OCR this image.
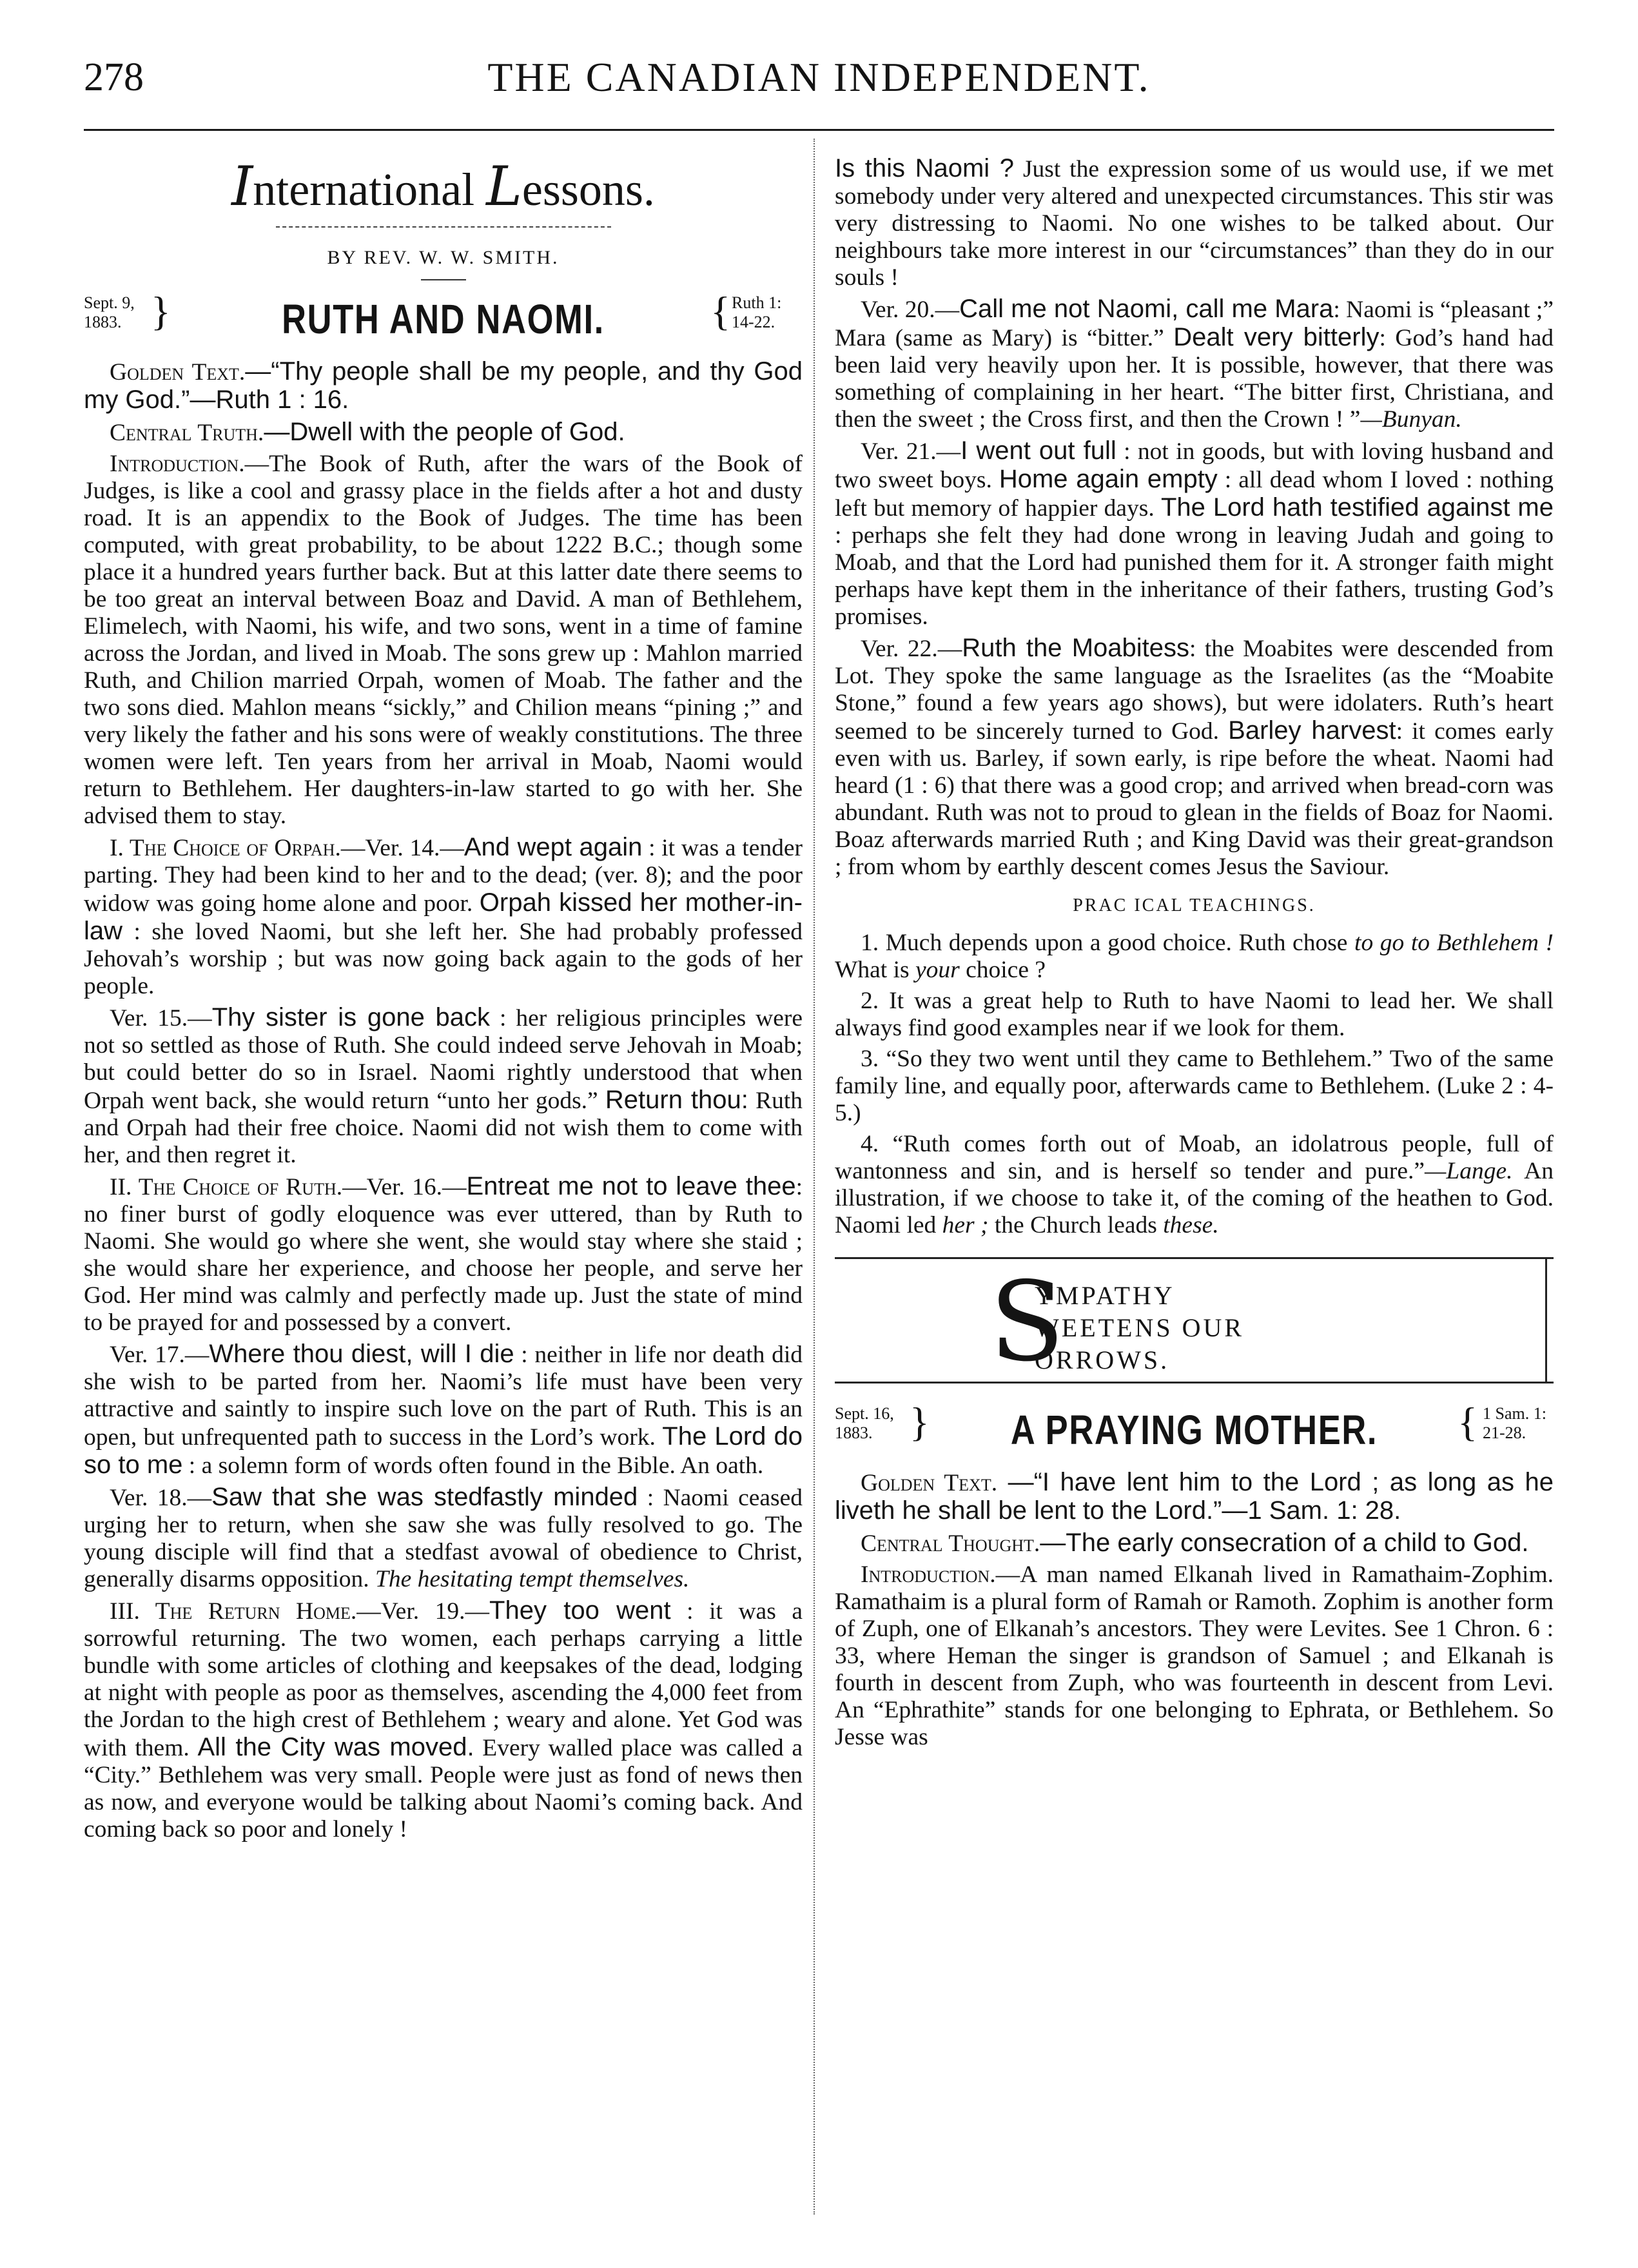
278	THE CANADIAN INDEPENDENT.
International Lessons.
BY REV. W. W. SMITH.
Sept. 9,
1883. }	RUTH AND NAOMI.	{ Ruth 1:
14-22.

Golden Text.—“Thy people shall be my people, and thy God my God.”—Ruth 1 : 16.

Central Truth.—Dwell with the people of God.

Introduction.—The Book of Ruth, after the wars of the Book of Judges, is like a cool and grassy place in the fields after a hot and dusty road. It is an appendix to the Book of Judges. The time has been computed, with great probability, to be about 1222 B.C.; though some place it a hundred years further back. But at this latter date there seems to be too great an interval between Boaz and David. A man of Bethlehem, Elimelech, with Naomi, his wife, and two sons, went in a time of famine across the Jordan, and lived in Moab. The sons grew up : Mahlon married Ruth, and Chilion married Orpah, women of Moab. The father and the two sons died. Mahlon means “sickly,” and Chilion means “pining ;” and very likely the father and his sons were of weakly constitutions. The three women were left. Ten years from her arrival in Moab, Naomi would return to Bethlehem. Her daughters-in-law started to go with her. She advised them to stay.

I. The Choice of Orpah.—Ver. 14.—And wept again : it was a tender parting. They had been kind to her and to the dead; (ver. 8); and the poor widow was going home alone and poor. Orpah kissed her mother-in-law : she loved Naomi, but she left her. She had probably professed Jehovah’s worship ; but was now going back again to the gods of her people.

Ver. 15.—Thy sister is gone back : her religious principles were not so settled as those of Ruth. She could indeed serve Jehovah in Moab; but could better do so in Israel. Naomi rightly understood that when Orpah went back, she would return “unto her gods.” Return thou: Ruth and Orpah had their free choice. Naomi did not wish them to come with her, and then regret it.

II. The Choice of Ruth.—Ver. 16.—Entreat me not to leave thee: no finer burst of godly eloquence was ever uttered, than by Ruth to Naomi. She would go where she went, she would stay where she staid ; she would share her experience, and choose her people, and serve her God. Her mind was calmly and perfectly made up. Just the state of mind to be prayed for and possessed by a convert.

Ver. 17.—Where thou diest, will I die : neither in life nor death did she wish to be parted from her. Naomi’s life must have been very attractive and saintly to inspire such love on the part of Ruth. This is an open, but unfrequented path to success in the Lord’s work. The Lord do so to me : a solemn form of words often found in the Bible. An oath.

Ver. 18.—Saw that she was stedfastly minded : Naomi ceased urging her to return, when she saw she was fully resolved to go. The young disciple will find that a stedfast avowal of obedience to Christ, generally disarms opposition. The hesitating tempt themselves.

III. The Return Home.—Ver. 19.—They too went : it was a sorrowful returning. The two women, each perhaps carrying a little bundle with some articles of clothing and keepsakes of the dead, lodging at night with people as poor as themselves, ascending the 4,000 feet from the Jordan to the high crest of Bethlehem ; weary and alone. Yet God was with them. All the City was moved. Every walled place was called a “City.” Bethlehem was very small. People were just as fond of news then as now, and everyone would be talking about Naomi’s coming back. And coming back so poor and lonely !

Is this Naomi ? Just the expression some of us would use, if we met somebody under very altered and unexpected circumstances. This stir was very distressing to Naomi. No one wishes to be talked about. Our neighbours take more interest in our “circumstances” than they do in our souls !

Ver. 20.—Call me not Naomi, call me Mara: Naomi is “pleasant ;” Mara (same as Mary) is “bitter.” Dealt very bitterly: God’s hand had been laid very heavily upon her. It is possible, however, that there was something of complaining in her heart. “The bitter first, Christiana, and then the sweet ; the Cross first, and then the Crown ! ”—Bunyan.

Ver. 21.—I went out full : not in goods, but with loving husband and two sweet boys. Home again empty : all dead whom I loved : nothing left but memory of happier days. The Lord hath testified against me : perhaps she felt they had done wrong in leaving Judah and going to Moab, and that the Lord had punished them for it. A stronger faith might perhaps have kept them in the inheritance of their fathers, trusting God’s promises.

Ver. 22.—Ruth the Moabitess: the Moabites were descended from Lot. They spoke the same language as the Israelites (as the “Moabite Stone,” found a few years ago shows), but were idolaters. Ruth’s heart seemed to be sincerely turned to God. Barley harvest: it comes early even with us. Barley, if sown early, is ripe before the wheat. Naomi had heard (1 : 6) that there was a good crop; and arrived when bread-corn was abundant. Ruth was not to proud to glean in the fields of Boaz for Naomi. Boaz afterwards married Ruth ; and King David was their great-grandson ; from whom by earthly descent comes Jesus the Saviour.

PRAC ICAL TEACHINGS.

1. Much depends upon a good choice. Ruth chose to go to Bethlehem ! What is your choice ?

2. It was a great help to Ruth to have Naomi to lead her. We shall always find good examples near if we look for them.

3. “So they two went until they came to Bethlehem.” Two of the same family line, and equally poor, afterwards came to Bethlehem. (Luke 2 : 4-5.)

4. “Ruth comes forth out of Moab, an idolatrous people, full of wantonness and sin, and is herself so tender and pure.”—Lange. An illustration, if we choose to take it, of the coming of the heathen to God. Naomi led her ; the Church leads these.

S
YMPATHY
WEETENS OUR
ORROWS.
Sept. 16,
1883. }	A PRAYING MOTHER.	{ 1 Sam. 1:
21-28.

Golden Text. —“I have lent him to the Lord ; as long as he liveth he shall be lent to the Lord.”—1 Sam. 1: 28.

Central Thought.—The early consecration of a child to God.

Introduction.—A man named Elkanah lived in Ramathaim-Zophim. Ramathaim is a plural form of Ramah or Ramoth. Zophim is another form of Zuph, one of Elkanah’s ancestors. They were Levites. See 1 Chron. 6 : 33, where Heman the singer is grandson of Samuel ; and Elkanah is fourth in descent from Zuph, who was fourteenth in descent from Levi. An “Ephrathite” stands for one belonging to Ephrata, or Bethlehem. So Jesse was
